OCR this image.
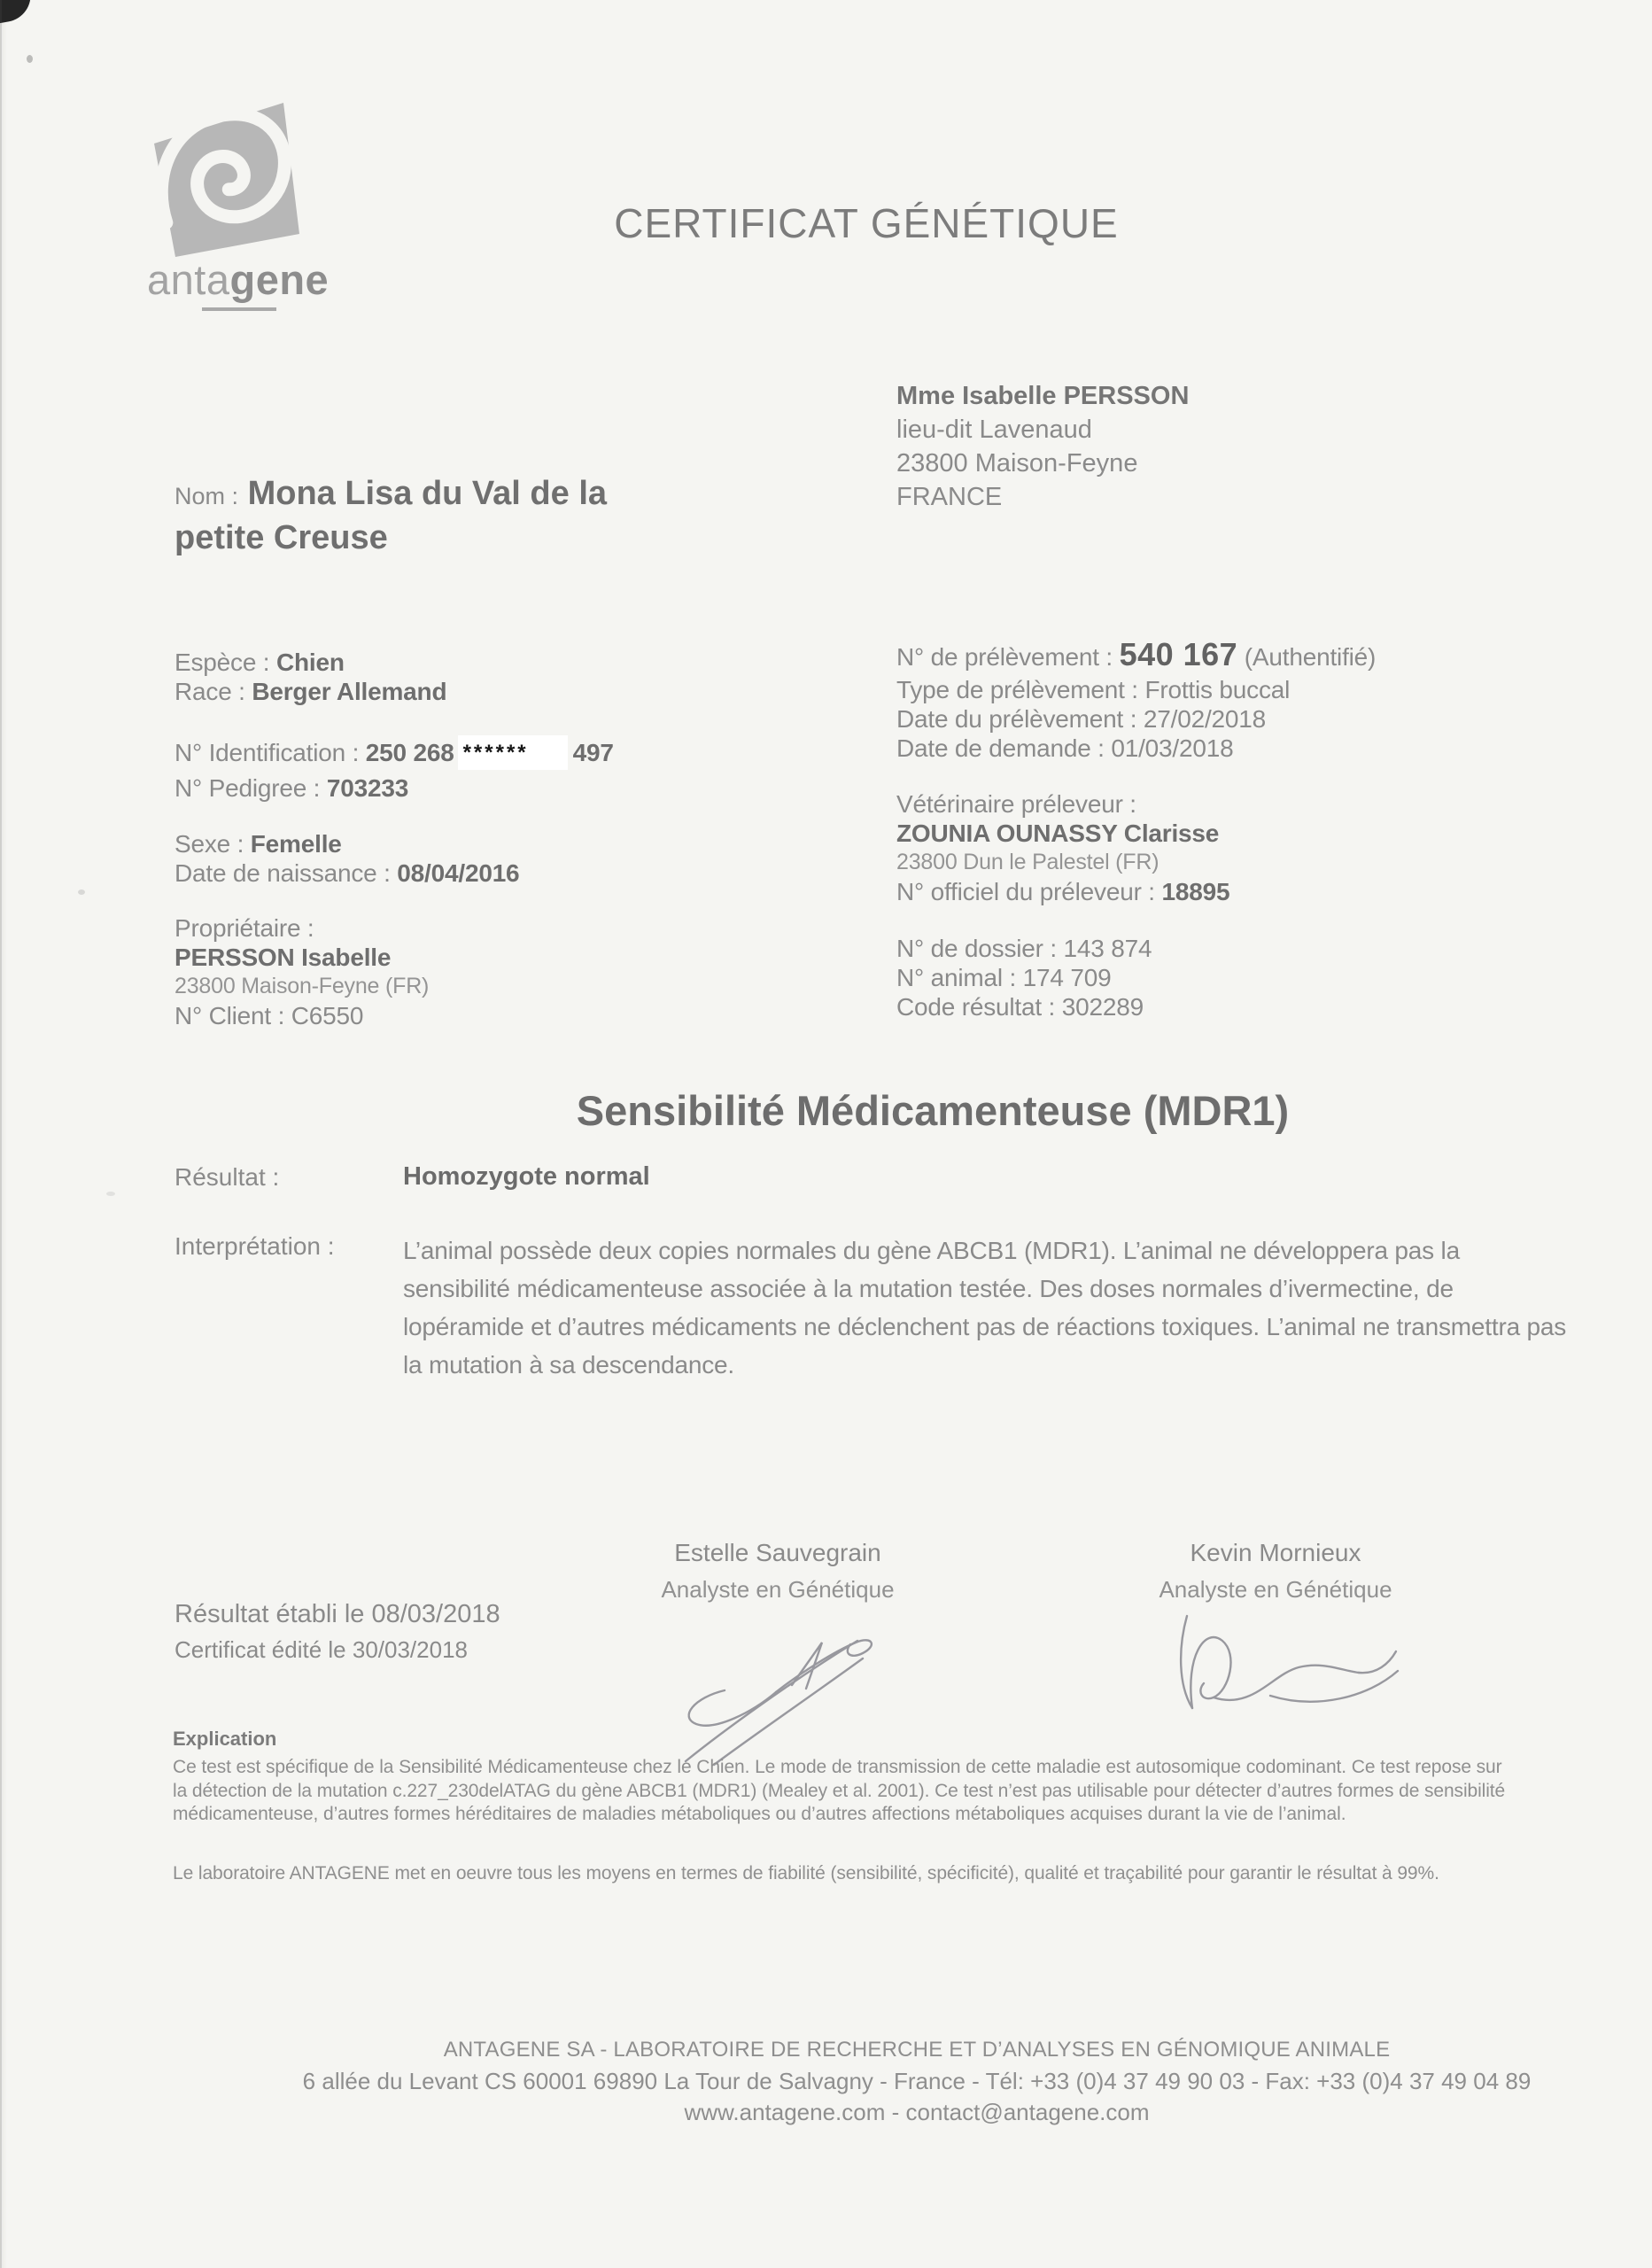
antagene
CERTIFICAT GÉNÉTIQUE
Mme Isabelle PERSSON
lieu-dit Lavenaud
23800 Maison-Feyne
FRANCE

Nom : Mona Lisa du Val de la petite Creuse

Espèce : Chien
Race : Berger Allemand
N° Identification : 250 268 ****** 497
N° Pedigree : 703233
Sexe : Femelle
Date de naissance : 08/04/2016
Propriétaire :
PERSSON Isabelle
23800 Maison-Feyne (FR)
N° Client : C6550
N° de prélèvement : 540 167 (Authentifié)
Type de prélèvement : Frottis buccal
Date du prélèvement : 27/02/2018
Date de demande : 01/03/2018
Vétérinaire préleveur :
ZOUNIA OUNASSY Clarisse
23800 Dun le Palestel (FR)
N° officiel du préleveur : 18895
N° de dossier : 143 874
N° animal : 174 709
Code résultat : 302289
Sensibilité Médicamenteuse (MDR1)
Résultat :	Homozygote normal
Interprétation :	L’animal possède deux copies normales du gène ABCB1 (MDR1). L’animal ne développera pas la sensibilité médicamenteuse associée à la mutation testée. Des doses normales d’ivermectine, de lopéramide et d’autres médicaments ne déclenchent pas de réactions toxiques. L’animal ne transmettra pas la mutation à sa descendance.
Estelle Sauvegrain
Analyste en Génétique
Kevin Mornieux
Analyste en Génétique
Résultat établi le 08/03/2018
Certificat édité le 30/03/2018
Explication

Ce test est spécifique de la Sensibilité Médicamenteuse chez le Chien. Le mode de transmission de cette maladie est autosomique codominant. Ce test repose sur la détection de la mutation c.227_230delATAG du gène ABCB1 (MDR1) (Mealey et al. 2001). Ce test n’est pas utilisable pour détecter d’autres formes de sensibilité médicamenteuse, d’autres formes héréditaires de maladies métaboliques ou d’autres affections métaboliques acquises durant la vie de l’animal.

Le laboratoire ANTAGENE met en oeuvre tous les moyens en termes de fiabilité (sensibilité, spécificité), qualité et traçabilité pour garantir le résultat à 99%.

ANTAGENE SA - LABORATOIRE DE RECHERCHE ET D’ANALYSES EN GÉNOMIQUE ANIMALE
6 allée du Levant CS 60001 69890 La Tour de Salvagny - France - Tél: +33 (0)4 37 49 90 03 - Fax: +33 (0)4 37 49 04 89
www.antagene.com - contact@antagene.com
